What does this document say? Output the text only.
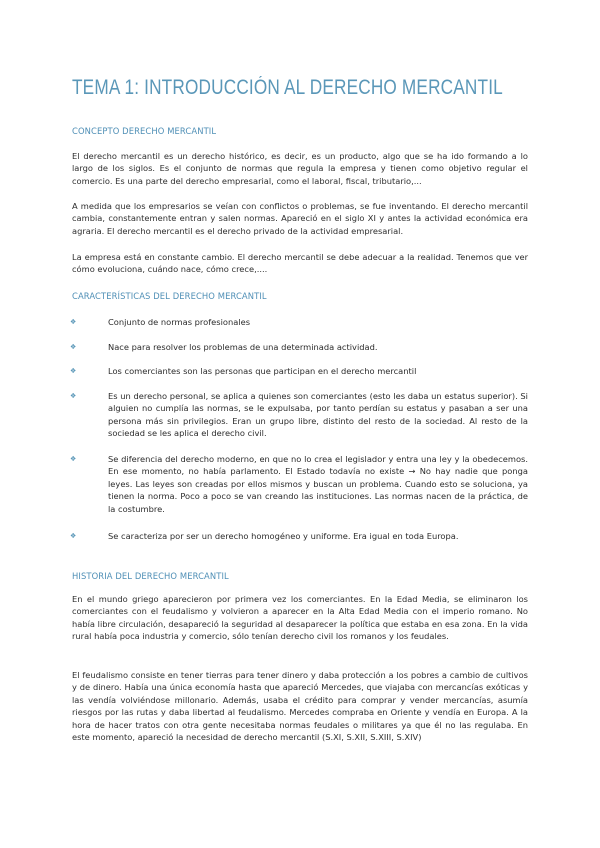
TEMA 1: INTRODUCCIÓN AL DERECHO MERCANTIL
CONCEPTO DERECHO MERCANTIL

El derecho mercantil es un derecho histórico, es decir, es un producto, algo que se ha ido formando a lo largo de los siglos. Es el conjunto de normas que regula la empresa y tienen como objetivo regular el comercio. Es una parte del derecho empresarial, como el laboral, fiscal, tributario,...

A medida que los empresarios se veían con conflictos o problemas, se fue inventando. El derecho mercantil cambia, constantemente entran y salen normas. Apareció en el siglo XI y antes la actividad económica era agraria. El derecho mercantil es el derecho privado de la actividad empresarial.

La empresa está en constante cambio. El derecho mercantil se debe adecuar a la realidad. Tenemos que ver cómo evoluciona, cuándo nace, cómo crece,....

CARACTERÍSTICAS DEL DERECHO MERCANTIL
❖	Conjunto de normas profesionales
❖	Nace para resolver los problemas de una determinada actividad.
❖	Los comerciantes son las personas que participan en el derecho mercantil
❖	Es un derecho personal, se aplica a quienes son comerciantes (esto les daba un estatus superior). Si alguien no cumplía las normas, se le expulsaba, por tanto perdían su estatus y pasaban a ser una persona más sin privilegios. Eran un grupo libre, distinto del resto de la sociedad. Al resto de la sociedad se les aplica el derecho civil.
❖	Se diferencia del derecho moderno, en que no lo crea el legislador y entra una ley y la obedecemos. En ese momento, no había parlamento. El Estado todavía no existe → No hay nadie que ponga leyes. Las leyes son creadas por ellos mismos y buscan un problema. Cuando esto se soluciona, ya tienen la norma. Poco a poco se van creando las instituciones. Las normas nacen de la práctica, de la costumbre.
❖	Se caracteriza por ser un derecho homogéneo y uniforme. Era igual en toda Europa.
HISTORIA DEL DERECHO MERCANTIL

En el mundo griego aparecieron por primera vez los comerciantes. En la Edad Media, se eliminaron los comerciantes con el feudalismo y volvieron a aparecer en la Alta Edad Media con el imperio romano. No había libre circulación, desapareció la seguridad al desaparecer la política que estaba en esa zona. En la vida rural había poca industria y comercio, sólo tenían derecho civil los romanos y los feudales.

El feudalismo consiste en tener tierras para tener dinero y daba protección a los pobres a cambio de cultivos y de dinero. Había una única economía hasta que apareció Mercedes, que viajaba con mercancías exóticas y las vendía volviéndose millonario. Además, usaba el crédito para comprar y vender mercancías, asumía riesgos por las rutas y daba libertad al feudalismo. Mercedes compraba en Oriente y vendía en Europa. A la hora de hacer tratos con otra gente necesitaba normas feudales o militares ya que él no las regulaba. En este momento, apareció la necesidad de derecho mercantil (S.XI, S.XII, S.XIII, S.XIV)
